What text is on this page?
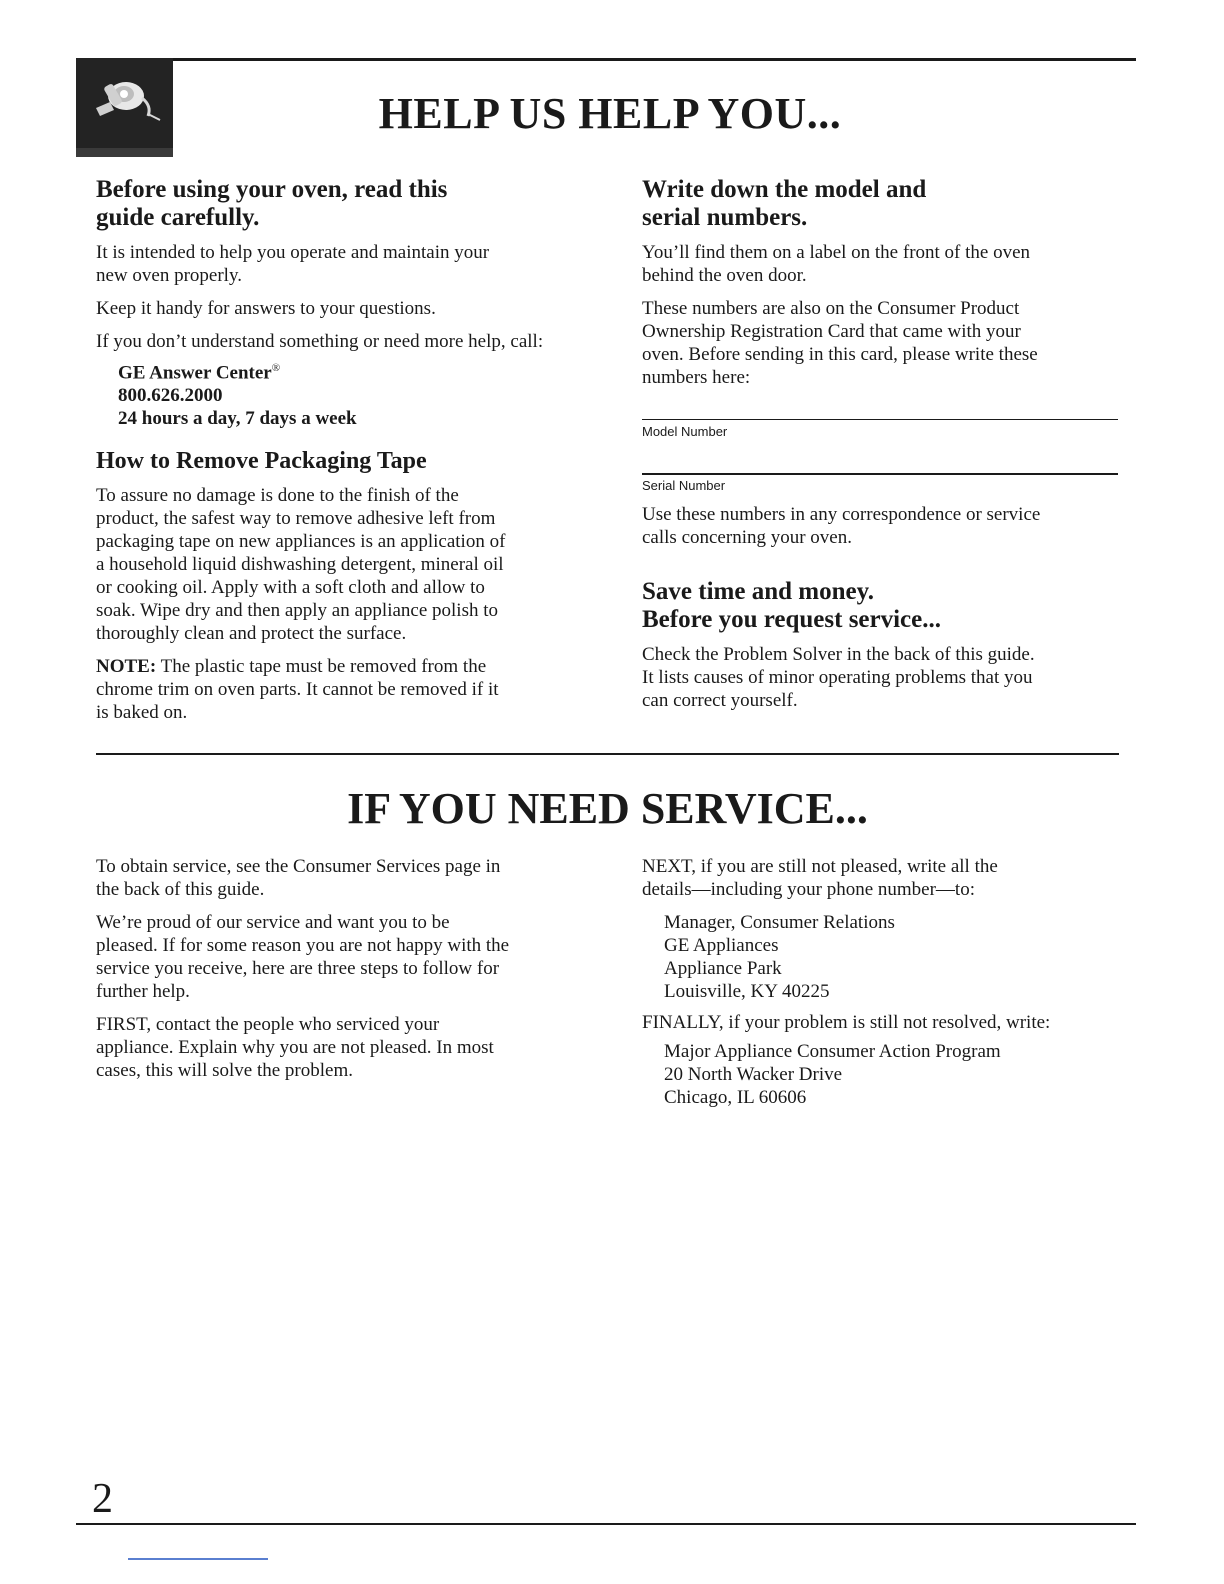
HELP US HELP YOU...
Before using your oven, read this
guide carefully.

It is intended to help you operate and maintain your
new oven properly.

Keep it handy for answers to your questions.

If you don’t understand something or need more help, call:

GE Answer Center®
800.626.2000
24 hours a day, 7 days a week
How to Remove Packaging Tape

To assure no damage is done to the finish of the
product, the safest way to remove adhesive left from
packaging tape on new appliances is an application of
a household liquid dishwashing detergent, mineral oil
or cooking oil. Apply with a soft cloth and allow to
soak. Wipe dry and then apply an appliance polish to
thoroughly clean and protect the surface.

NOTE: The plastic tape must be removed from the
chrome trim on oven parts. It cannot be removed if it
is baked on.

Write down the model and
serial numbers.

You’ll find them on a label on the front of the oven
behind the oven door.

These numbers are also on the Consumer Product
Ownership Registration Card that came with your
oven. Before sending in this card, please write these
numbers here:

Model Number
Serial Number

Use these numbers in any correspondence or service
calls concerning your oven.

Save time and money.
Before you request service...

Check the Problem Solver in the back of this guide.
It lists causes of minor operating problems that you
can correct yourself.

IF YOU NEED SERVICE...

To obtain service, see the Consumer Services page in
the back of this guide.

We’re proud of our service and want you to be
pleased. If for some reason you are not happy with the
service you receive, here are three steps to follow for
further help.

FIRST, contact the people who serviced your
appliance. Explain why you are not pleased. In most
cases, this will solve the problem.

NEXT, if you are still not pleased, write all the
details—including your phone number—to:

Manager, Consumer Relations
GE Appliances
Appliance Park
Louisville, KY 40225

FINALLY, if your problem is still not resolved, write:

Major Appliance Consumer Action Program
20 North Wacker Drive
Chicago, IL 60606
2
